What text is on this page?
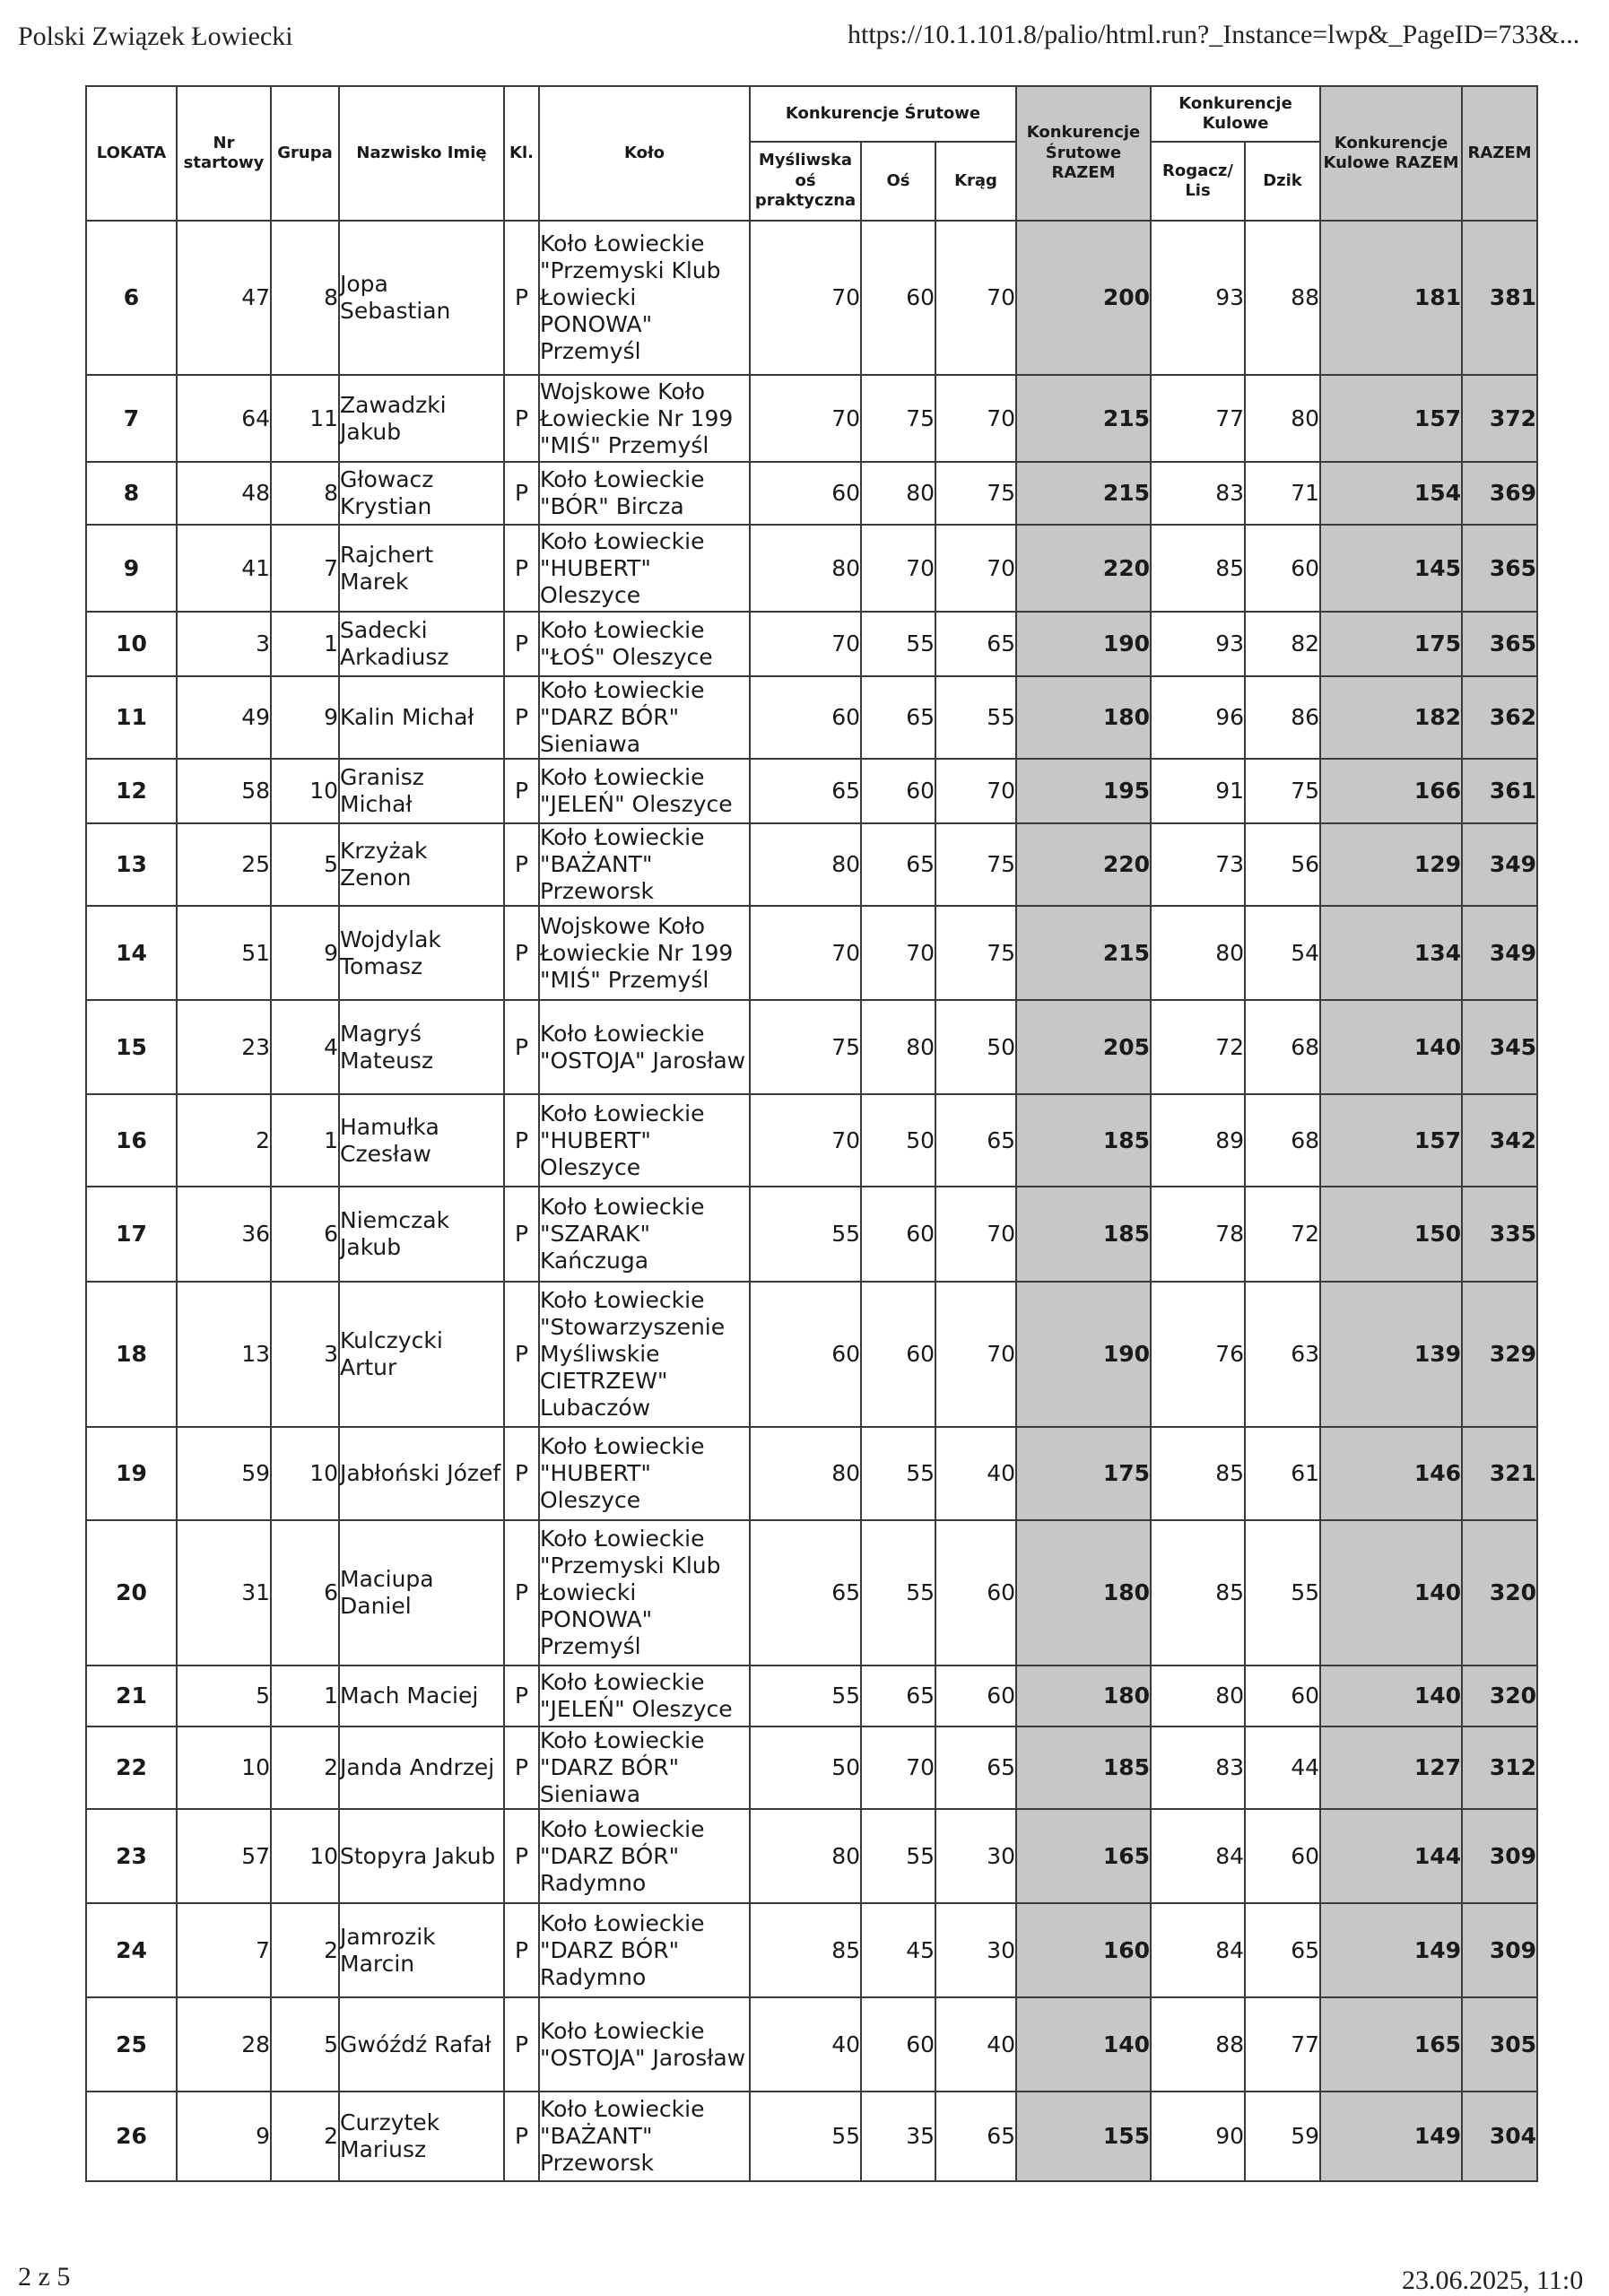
Polski Związek Łowiecki	https://10.1.101.8/palio/html.run?_Instance=lwp&_PageID=733&...
LOKATA	Nr startowy	Grupa	Nazwisko Imię	Kl.	Koło	Konkurencje Śrutowe			Konkurencje Śrutowe RAZEM	Konkurencje Kulowe		Konkurencje Kulowe RAZEM	RAZEM
						Myśliwska oś praktyczna	Oś	Krąg		Rogacz/ Lis	Dzik		
6	47	8	Jopa Sebastian	P	Koło Łowieckie "Przemyski Klub Łowiecki PONOWA" Przemyśl	70	60	70	200	93	88	181	381
7	64	11	Zawadzki Jakub	P	Wojskowe Koło Łowieckie Nr 199 "MIŚ" Przemyśl	70	75	70	215	77	80	157	372
8	48	8	Głowacz Krystian	P	Koło Łowieckie "BÓR" Bircza	60	80	75	215	83	71	154	369
9	41	7	Rajchert Marek	P	Koło Łowieckie "HUBERT" Oleszyce	80	70	70	220	85	60	145	365
10	3	1	Sadecki Arkadiusz	P	Koło Łowieckie "ŁOŚ" Oleszyce	70	55	65	190	93	82	175	365
11	49	9	Kalin Michał	P	Koło Łowieckie "DARZ BÓR" Sieniawa	60	65	55	180	96	86	182	362
12	58	10	Granisz Michał	P	Koło Łowieckie "JELEŃ" Oleszyce	65	60	70	195	91	75	166	361
13	25	5	Krzyżak Zenon	P	Koło Łowieckie "BAŻANT" Przeworsk	80	65	75	220	73	56	129	349
14	51	9	Wojdylak Tomasz	P	Wojskowe Koło Łowieckie Nr 199 "MIŚ" Przemyśl	70	70	75	215	80	54	134	349
15	23	4	Magryś Mateusz	P	Koło Łowieckie "OSTOJA" Jarosław	75	80	50	205	72	68	140	345
16	2	1	Hamułka Czesław	P	Koło Łowieckie "HUBERT" Oleszyce	70	50	65	185	89	68	157	342
17	36	6	Niemczak Jakub	P	Koło Łowieckie "SZARAK" Kańczuga	55	60	70	185	78	72	150	335
18	13	3	Kulczycki Artur	P	Koło Łowieckie "Stowarzyszenie Myśliwskie CIETRZEW" Lubaczów	60	60	70	190	76	63	139	329
19	59	10	Jabłoński Józef	P	Koło Łowieckie "HUBERT" Oleszyce	80	55	40	175	85	61	146	321
20	31	6	Maciupa Daniel	P	Koło Łowieckie "Przemyski Klub Łowiecki PONOWA" Przemyśl	65	55	60	180	85	55	140	320
21	5	1	Mach Maciej	P	Koło Łowieckie "JELEŃ" Oleszyce	55	65	60	180	80	60	140	320
22	10	2	Janda Andrzej	P	Koło Łowieckie "DARZ BÓR" Sieniawa	50	70	65	185	83	44	127	312
23	57	10	Stopyra Jakub	P	Koło Łowieckie "DARZ BÓR" Radymno	80	55	30	165	84	60	144	309
24	7	2	Jamrozik Marcin	P	Koło Łowieckie "DARZ BÓR" Radymno	85	45	30	160	84	65	149	309
25	28	5	Gwóźdź Rafał	P	Koło Łowieckie "OSTOJA" Jarosław	40	60	40	140	88	77	165	305
26	9	2	Curzytek Mariusz	P	Koło Łowieckie "BAŻANT" Przeworsk	55	35	65	155	90	59	149	304
2 z 5	23.06.2025, 11:0
